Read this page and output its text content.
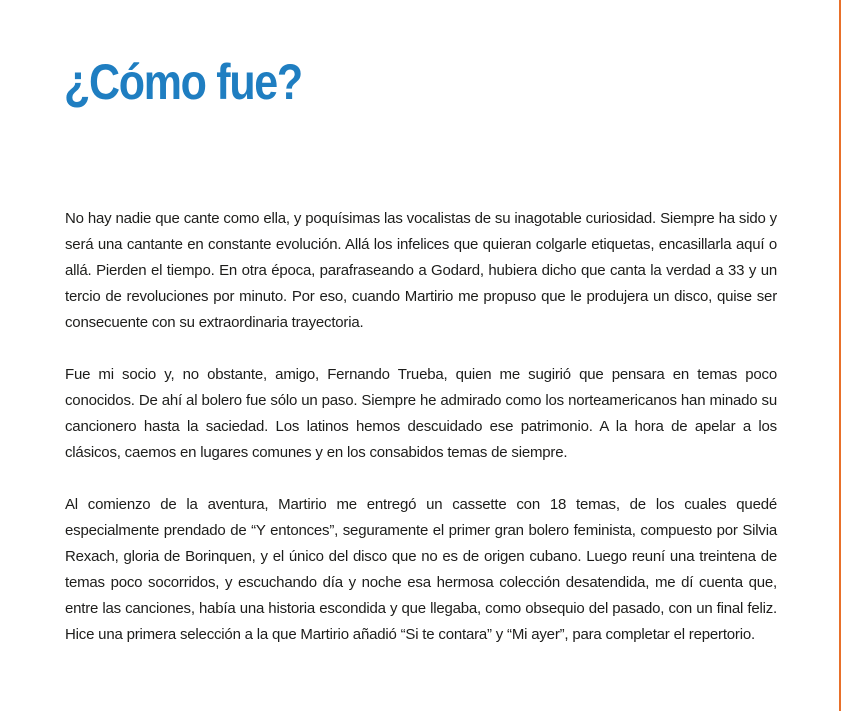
¿Cómo fue?

No hay nadie que cante como ella, y poquísimas las vocalistas de su inagotable curiosidad. Siempre ha sido y será una cantante en constante evolución. Allá los infelices que quieran colgarle etiquetas, encasillarla aquí o allá. Pierden el tiempo. En otra época, parafraseando a Godard, hubiera dicho que canta la verdad a 33 y un tercio de revoluciones por minuto. Por eso, cuando Martirio me propuso que le produjera un disco, quise ser consecuente con su extraordinaria trayectoria.

Fue mi socio y, no obstante, amigo, Fernando Trueba, quien me sugirió que pensara en temas poco conocidos. De ahí al bolero fue sólo un paso. Siempre he admirado como los norteamericanos han minado su cancionero hasta la saciedad. Los latinos hemos descuidado ese patrimonio. A la hora de apelar a los clásicos, caemos en lugares comunes y en los consabidos temas de siempre.

Al comienzo de la aventura, Martirio me entregó un cassette con 18 temas, de los cuales quedé especialmente prendado de “Y entonces”, seguramente el primer gran bolero feminista, compuesto por Silvia Rexach, gloria de Borinquen, y el único del disco que no es de origen cubano. Luego reuní una treintena de temas poco socorridos, y escuchando día y noche esa hermosa colección desatendida, me dí cuenta que, entre las canciones, había una historia escondida y que llegaba, como obsequio del pasado, con un final feliz. Hice una primera selección a la que Martirio añadió “Si te contara” y “Mi ayer”, para completar el repertorio.
